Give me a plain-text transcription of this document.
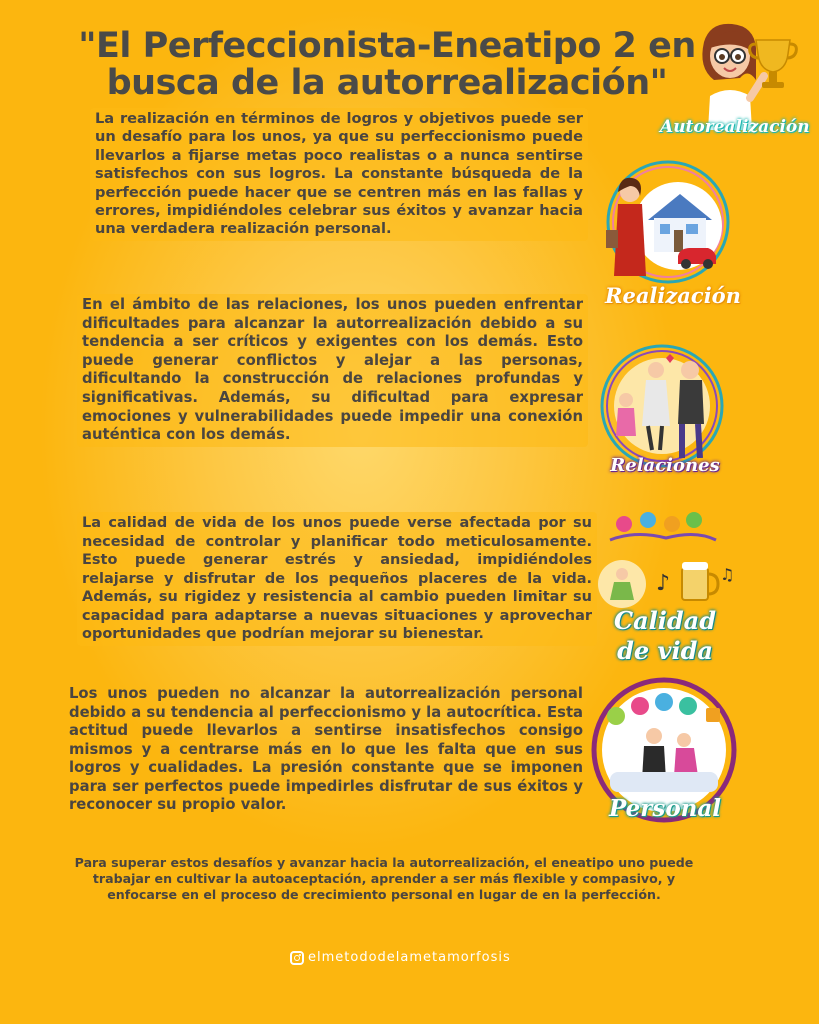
"El Perfeccionista-Eneatipo 2 en busca de la autorrealización"
Autorealización
Realización
Relaciones
♪	♫
Calidad
de vida
Personal

La realización en términos de logros y objetivos puede ser un desafío para los unos, ya que su perfeccionismo puede llevarlos a fijarse metas poco realistas o a nunca sentirse satisfechos con sus logros. La constante búsqueda de la perfección puede hacer que se centren más en las fallas y errores, impidiéndoles celebrar sus éxitos y avanzar hacia una verdadera realización personal.

En el ámbito de las relaciones, los unos pueden enfrentar dificultades para alcanzar la autorrealización debido a su tendencia a ser críticos y exigentes con los demás. Esto puede generar conflictos y alejar a las personas, dificultando la construcción de relaciones profundas y significativas. Además, su dificultad para expresar emociones y vulnerabilidades puede impedir una conexión auténtica con los demás.

La calidad de vida de los unos puede verse afectada por su necesidad de controlar y planificar todo meticulosamente. Esto puede generar estrés y ansiedad, impidiéndoles relajarse y disfrutar de los pequeños placeres de la vida. Además, su rigidez y resistencia al cambio pueden limitar su capacidad para adaptarse a nuevas situaciones y aprovechar oportunidades que podrían mejorar su bienestar.

Los unos pueden no alcanzar la autorrealización personal debido a su tendencia al perfeccionismo y la autocrítica. Esta actitud puede llevarlos a sentirse insatisfechos consigo mismos y a centrarse más en lo que les falta que en sus logros y cualidades. La presión constante que se imponen para ser perfectos puede impedirles disfrutar de sus éxitos y reconocer su propio valor.

Para superar estos desafíos y avanzar hacia la autorrealización, el eneatipo uno puede trabajar en cultivar la autoaceptación, aprender a ser más flexible y compasivo, y enfocarse en el proceso de crecimiento personal en lugar de en la perfección.

elmetododelametamorfosis
